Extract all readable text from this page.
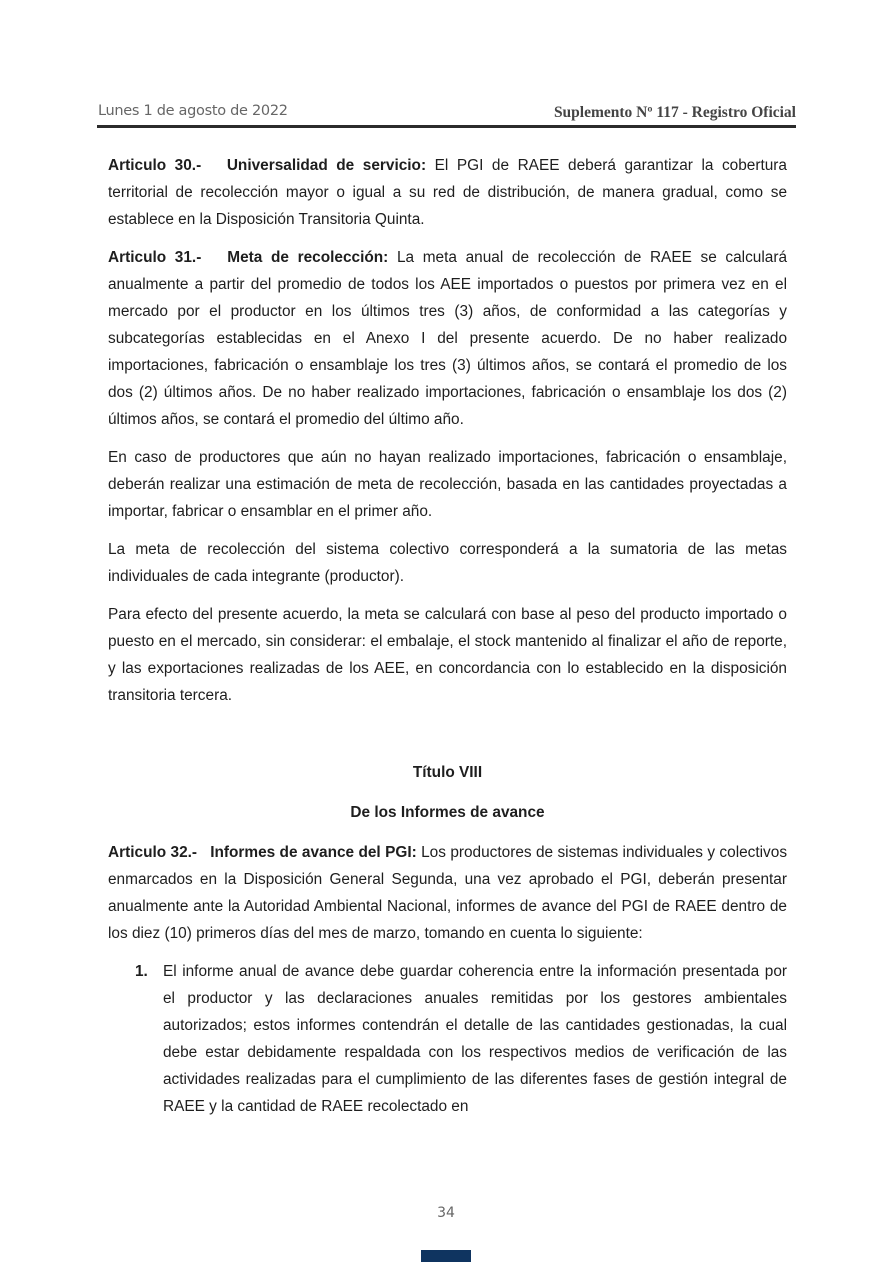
Lunes 1 de agosto de 2022	Suplemento Nº 117 - Registro Oficial

Articulo 30.- Universalidad de servicio: El PGI de RAEE deberá garantizar la cobertura territorial de recolección mayor o igual a su red de distribución, de manera gradual, como se establece en la Disposición Transitoria Quinta.

Articulo 31.- Meta de recolección: La meta anual de recolección de RAEE se calculará anualmente a partir del promedio de todos los AEE importados o puestos por primera vez en el mercado por el productor en los últimos tres (3) años, de conformidad a las categorías y subcategorías establecidas en el Anexo I del presente acuerdo. De no haber realizado importaciones, fabricación o ensamblaje los tres (3) últimos años, se contará el promedio de los dos (2) últimos años. De no haber realizado importaciones, fabricación o ensamblaje los dos (2) últimos años, se contará el promedio del último año.

En caso de productores que aún no hayan realizado importaciones, fabricación o ensamblaje, deberán realizar una estimación de meta de recolección, basada en las cantidades proyectadas a importar, fabricar o ensamblar en el primer año.

La meta de recolección del sistema colectivo corresponderá a la sumatoria de las metas individuales de cada integrante (productor).

Para efecto del presente acuerdo, la meta se calculará con base al peso del producto importado o puesto en el mercado, sin considerar: el embalaje, el stock mantenido al finalizar el año de reporte, y las exportaciones realizadas de los AEE, en concordancia con lo establecido en la disposición transitoria tercera.

Título VIII

De los Informes de avance

Articulo 32.- Informes de avance del PGI: Los productores de sistemas individuales y colectivos enmarcados en la Disposición General Segunda, una vez aprobado el PGI, deberán presentar anualmente ante la Autoridad Ambiental Nacional, informes de avance del PGI de RAEE dentro de los diez (10) primeros días del mes de marzo, tomando en cuenta lo siguiente:

1. El informe anual de avance debe guardar coherencia entre la información presentada por el productor y las declaraciones anuales remitidas por los gestores ambientales autorizados; estos informes contendrán el detalle de las cantidades gestionadas, la cual debe estar debidamente respaldada con los respectivos medios de verificación de las actividades realizadas para el cumplimiento de las diferentes fases de gestión integral de RAEE y la cantidad de RAEE recolectado en
34
